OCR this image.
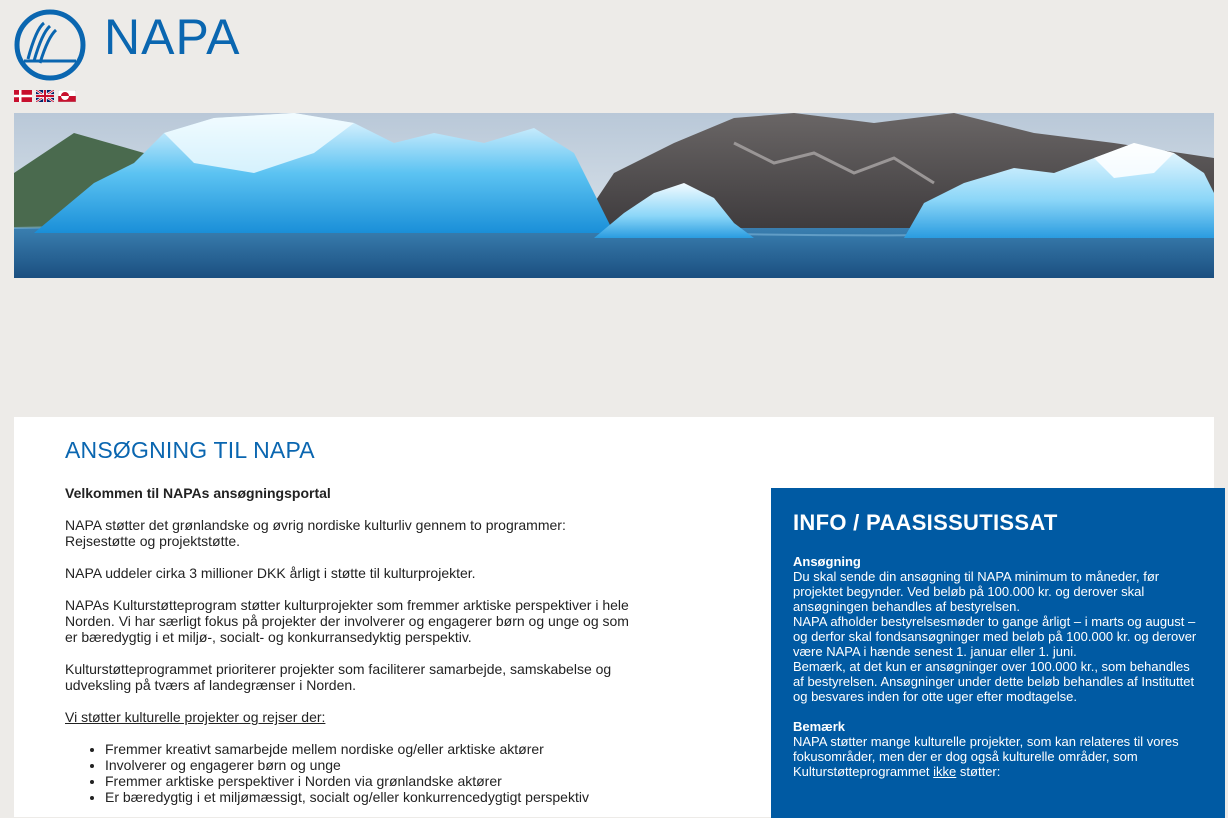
NAPA
ANSØGNING TIL NAPA

Velkommen til NAPAs ansøgningsportal

NAPA støtter det grønlandske og øvrig nordiske kulturliv gennem to programmer: Rejsestøtte og projektstøtte.

NAPA uddeler cirka 3 millioner DKK årligt i støtte til kulturprojekter.

NAPAs Kulturstøtteprogram støtter kulturprojekter som fremmer arktiske perspektiver i hele Norden. Vi har særligt fokus på projekter der involverer og engagerer børn og unge og som er bæredygtig i et miljø-, socialt- og konkurransedyktig perspektiv.

Kulturstøtteprogrammet prioriterer projekter som faciliterer samarbejde, samskabelse og udveksling på tværs af landegrænser i Norden.

Vi støtter kulturelle projekter og rejser der:

• Fremmer kreativt samarbejde mellem nordiske og/eller arktiske aktører
• Involverer og engagerer børn og unge
• Fremmer arktiske perspektiver i Norden via grønlandske aktører
• Er bæredygtig i et miljømæssigt, socialt og/eller konkurrencedygtigt perspektiv
INFO / PAASISSUTISSAT

Ansøgning
Du skal sende din ansøgning til NAPA minimum to måneder, før projektet begynder. Ved beløb på 100.000 kr. og derover skal ansøgningen behandles af bestyrelsen.
NAPA afholder bestyrelsesmøder to gange årligt – i marts og august – og derfor skal fondsansøgninger med beløb på 100.000 kr. og derover være NAPA i hænde senest 1. januar eller 1. juni.
Bemærk, at det kun er ansøgninger over 100.000 kr., som behandles af bestyrelsen. Ansøgninger under dette beløb behandles af Instituttet og besvares inden for otte uger efter modtagelse.

Bemærk
NAPA støtter mange kulturelle projekter, som kan relateres til vores fokusområder, men der er dog også kulturelle områder, som Kulturstøtteprogrammet ikke støtter:
